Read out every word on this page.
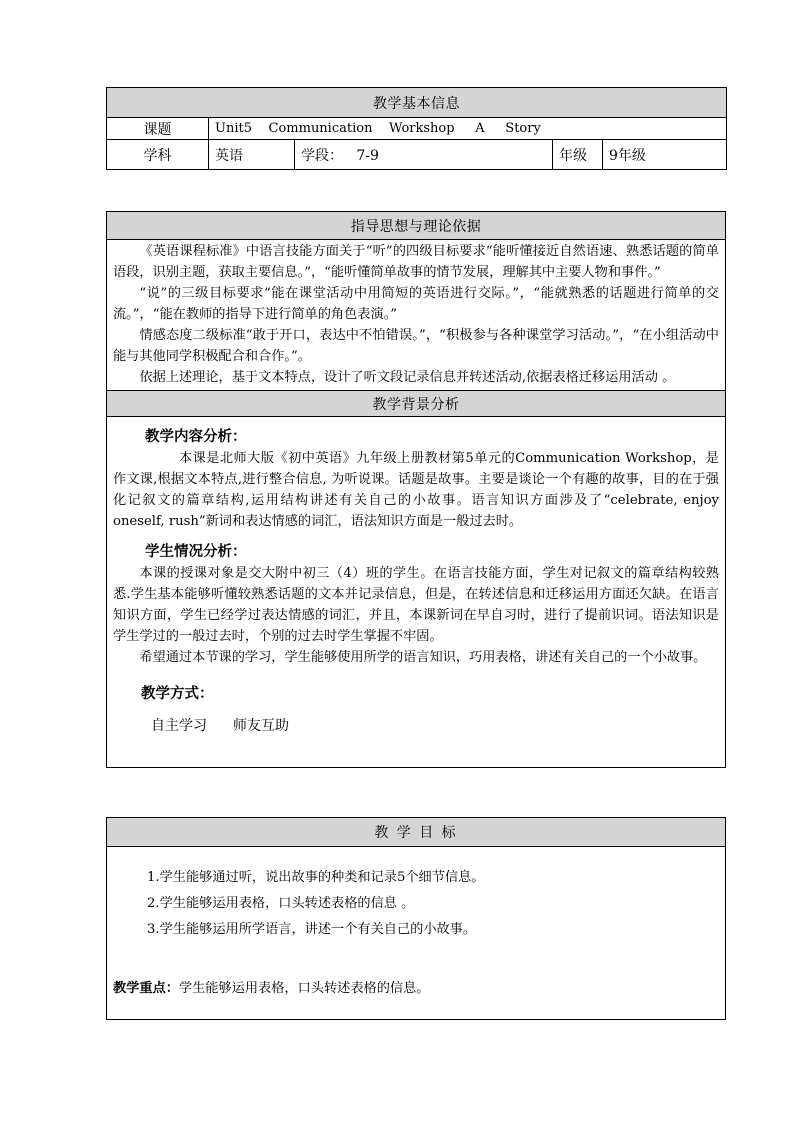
教学基本信息				
课题	Unit5    Communication    Workshop     A     Story			
学科	英语	学段：   7-9	年级	9年级
指导思想与理论依据

《英语课程标准》中语言技能方面关于“听”的四级目标要求“能听懂接近自然语速、熟悉话题的简单语段，识别主题，获取主要信息。”，“能听懂简单故事的情节发展，理解其中主要人物和事件。”

“说”的三级目标要求“能在课堂活动中用简短的英语进行交际。”，“能就熟悉的话题进行简单的交流。”，“能在教师的指导下进行简单的角色表演。”

情感态度二级标准“敢于开口，表达中不怕错误。”，“积极参与各种课堂学习活动。”，“在小组活动中能与其他同学积极配合和合作。”。

依据上述理论，基于文本特点，设计了听文段记录信息并转述活动,依据表格迁移运用活动 。

教学背景分析

教学内容分析：

本课是北师大版《初中英语》九年级上册教材第5单元的Communication Workshop，是作文课,根据文本特点,进行整合信息, 为听说课。话题是故事。主要是谈论一个有趣的故事，目的在于强化记叙文的篇章结构,运用结构讲述有关自己的小故事。语言知识方面涉及了“celebrate, enjoy oneself, rush”新词和表达情感的词汇，语法知识方面是一般过去时。

学生情况分析：

本课的授课对象是交大附中初三（4）班的学生。在语言技能方面，学生对记叙文的篇章结构较熟悉.学生基本能够听懂较熟悉话题的文本并记录信息，但是，在转述信息和迁移运用方面还欠缺。在语言知识方面，学生已经学过表达情感的词汇，并且，本课新词在早自习时，进行了提前识词。语法知识是学生学过的一般过去时，个别的过去时学生掌握不牢固。

希望通过本节课的学习，学生能够使用所学的语言知识，巧用表格，讲述有关自己的一个小故事。

教学方式：

自主学习 师友互助

教 学 目 标

1.学生能够通过听，说出故事的种类和记录5个细节信息。

2.学生能够运用表格，口头转述表格的信息 。

3.学生能够运用所学语言，讲述一个有关自己的小故事。

教学重点：学生能够运用表格，口头转述表格的信息。
